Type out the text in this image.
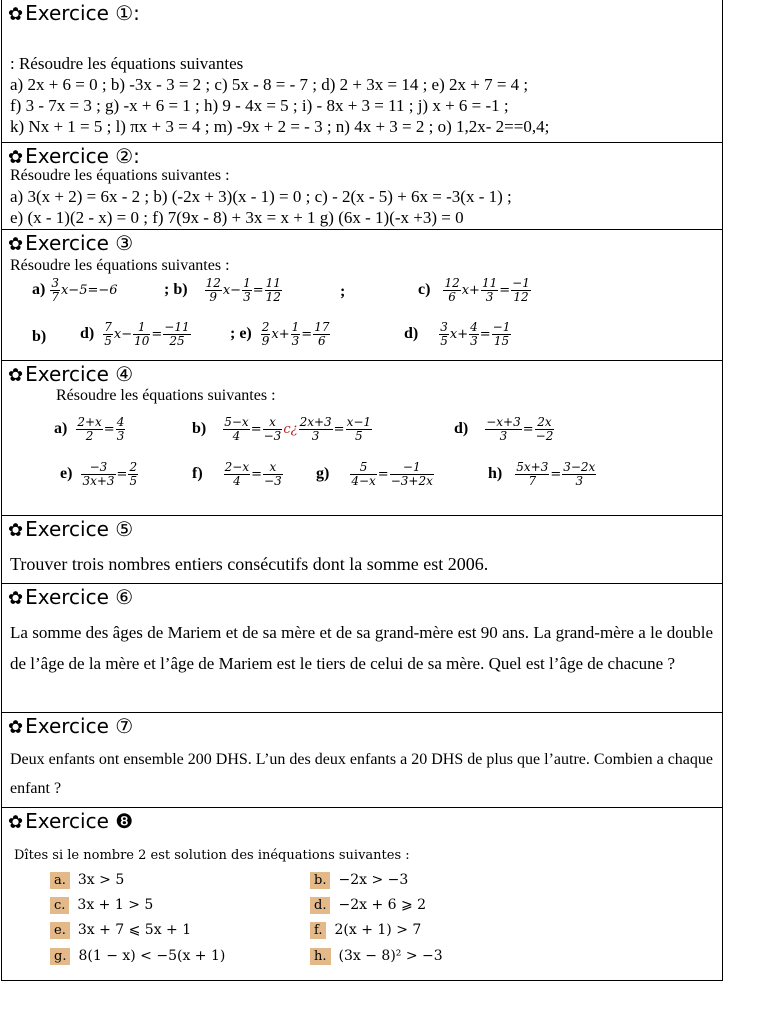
✿ Exercice ①:
: Résoudre les équations suivantes
a) 2x + 6 = 0 ; b) -3x - 3 = 2 ; c) 5x - 8 = - 7 ; d) 2 + 3x = 14 ; e) 2x + 7 = 4 ;
f) 3 - 7x = 3 ; g) -x + 6 = 1 ; h) 9 - 4x = 5 ; i) - 8x + 3 = 11 ; j) x + 6 = -1 ;
k) Nx + 1 = 5 ; l) πx + 3 = 4 ; m) -9x + 2 = - 3 ; n) 4x + 3 = 2 ; o) 1,2x- 2==0,4;
✿ Exercice ②:
Résoudre les équations suivantes :
a) 3(x + 2) = 6x - 2 ; b) (-2x + 3)(x - 1) = 0 ; c) - 2(x - 5) + 6x = -3(x - 1) ;
e) (x - 1)(2 - x) = 0 ; f) 7(9x - 8) + 3x = x + 1 g) (6x - 1)(-x +3) = 0
✿ Exercice ③
Résoudre les équations suivantes :
$a) \frac{3}{7} x-5=-6$	; $b) \frac{12}{9} x- \frac{1}{3} = \frac{11}{12}$	;	$c) \frac{12}{6} x+ \frac{11}{3} = \frac{-1}{12}$
b) $d) \frac{7}{5} x- \frac{1}{10} = \frac{-11}{25}$ ; $e) \frac{2}{9} x+ \frac{1}{3} = \frac{17}{6}$	$d) \frac{3}{5} x+ \frac{4}{3} = \frac{-1}{15}$
✿ Exercice ④
Résoudre les équations suivantes :
$a) \frac{2+x}{2} = \frac{4}{3}$	$b) \frac{5-x}{4} = \frac{x}{-3}$ c¿ $\frac{2x+3}{3} = \frac{x-1}{5}$	$d) \frac{-x+3}{3} = \frac{2x}{-2}$
$e) \frac{-3}{3x+3} = \frac{2}{5}$	$f) \frac{2-x}{4} = \frac{x}{-3} g) \frac{5}{4-x} = \frac{-1}{-3+2x}$	$h) \frac{5x+3}{7} = \frac{3-2x}{3}$
✿ Exercice ⑤
Trouver trois nombres entiers consécutifs dont la somme est 2006.
✿ Exercice ⑥
La somme des âges de Mariem et de sa mère et de sa grand-mère est 90 ans. La grand-mère a le double de l’âge de la mère et l’âge de Mariem est le tiers de celui de sa mère. Quel est l’âge de chacune ?
✿ Exercice ⑦
Deux enfants ont ensemble 200 DHS. L’un des deux enfants a 20 DHS de plus que l’autre. Combien a chaque enfant ?
✿ Exercice ❽
Dîtes si le nombre 2 est solution des inéquations suivantes :
a. 3x > 5	b. −2x > −3
c. 3x + 1 > 5	d. −2x + 6 ⩾ 2
e. 3x + 7 ⩽ 5x + 1	f. 2(x + 1) > 7
g. 8(1 − x) < −5(x + 1)	h. (3x − 8)² > −3
